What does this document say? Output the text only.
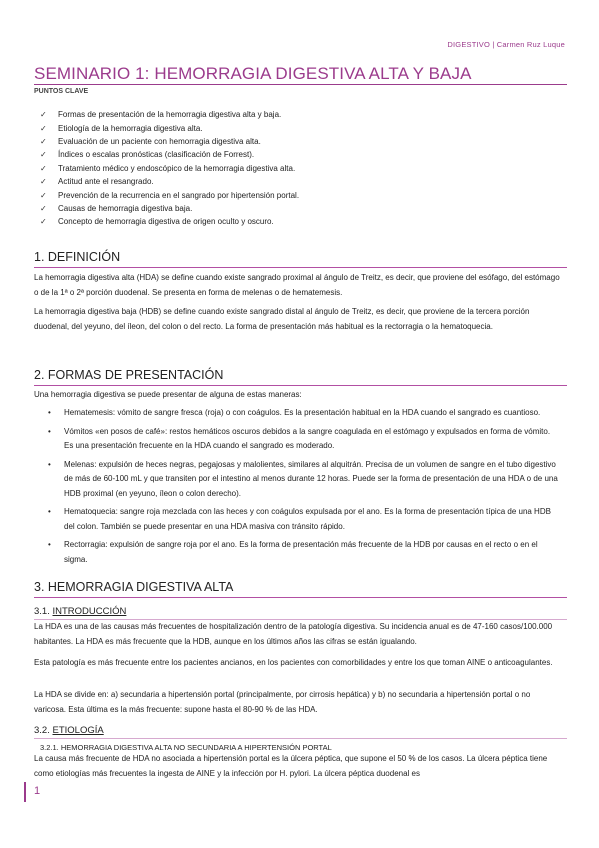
DIGESTIVO | Carmen Ruz Luque
SEMINARIO 1: HEMORRAGIA DIGESTIVA ALTA Y BAJA
PUNTOS CLAVE
✓	Formas de presentación de la hemorragia digestiva alta y baja.
✓	Etiología de la hemorragia digestiva alta.
✓	Evaluación de un paciente con hemorragia digestiva alta.
✓	Índices o escalas pronósticas (clasificación de Forrest).
✓	Tratamiento médico y endoscópico de la hemorragia digestiva alta.
✓	Actitud ante el resangrado.
✓	Prevención de la recurrencia en el sangrado por hipertensión portal.
✓	Causas de hemorragia digestiva baja.
✓	Concepto de hemorragia digestiva de origen oculto y oscuro.
1. DEFINICIÓN

La hemorragia digestiva alta (HDA) se define cuando existe sangrado proximal al ángulo de Treitz, es decir, que proviene del esófago, del estómago o de la 1ª o 2ª porción duodenal. Se presenta en forma de melenas o de hematemesis.

La hemorragia digestiva baja (HDB) se define cuando existe sangrado distal al ángulo de Treitz, es decir, que proviene de la tercera porción duodenal, del yeyuno, del íleon, del colon o del recto. La forma de presentación más habitual es la rectorragia o la hematoquecia.

2. FORMAS DE PRESENTACIÓN

Una hemorragia digestiva se puede presentar de alguna de estas maneras:

• Hematemesis: vómito de sangre fresca (roja) o con coágulos. Es la presentación habitual en la HDA cuando el sangrado es cuantioso.
• Vómitos «en posos de café»: restos hemáticos oscuros debidos a la sangre coagulada en el estómago y expulsados en forma de vómito. Es una presentación frecuente en la HDA cuando el sangrado es moderado.
• Melenas: expulsión de heces negras, pegajosas y malolientes, similares al alquitrán. Precisa de un volumen de sangre en el tubo digestivo de más de 60-100 mL y que transiten por el intestino al menos durante 12 horas. Puede ser la forma de presentación de una HDA o de una HDB proximal (en yeyuno, íleon o colon derecho).
• Hematoquecia: sangre roja mezclada con las heces y con coágulos expulsada por el ano. Es la forma de presentación típica de una HDB del colon. También se puede presentar en una HDA masiva con tránsito rápido.
• Rectorragia: expulsión de sangre roja por el ano. Es la forma de presentación más frecuente de la HDB por causas en el recto o en el sigma.
3. HEMORRAGIA DIGESTIVA ALTA
3.1. INTRODUCCIÓN

La HDA es una de las causas más frecuentes de hospitalización dentro de la patología digestiva. Su incidencia anual es de 47-160 casos/100.000 habitantes. La HDA es más frecuente que la HDB, aunque en los últimos años las cifras se están igualando.

Esta patología es más frecuente entre los pacientes ancianos, en los pacientes con comorbilidades y entre los que toman AINE o anticoagulantes.

La HDA se divide en: a) secundaria a hipertensión portal (principalmente, por cirrosis hepática) y b) no secundaria a hipertensión portal o no varicosa. Esta última es la más frecuente: supone hasta el 80-90 % de las HDA.

3.2. ETIOLOGÍA
3.2.1. HEMORRAGIA DIGESTIVA ALTA NO SECUNDARIA A HIPERTENSIÓN PORTAL

La causa más frecuente de HDA no asociada a hipertensión portal es la úlcera péptica, que supone el 50 % de los casos. La úlcera péptica tiene como etiologías más frecuentes la ingesta de AINE y la infección por H. pylori. La úlcera péptica duodenal es

1
